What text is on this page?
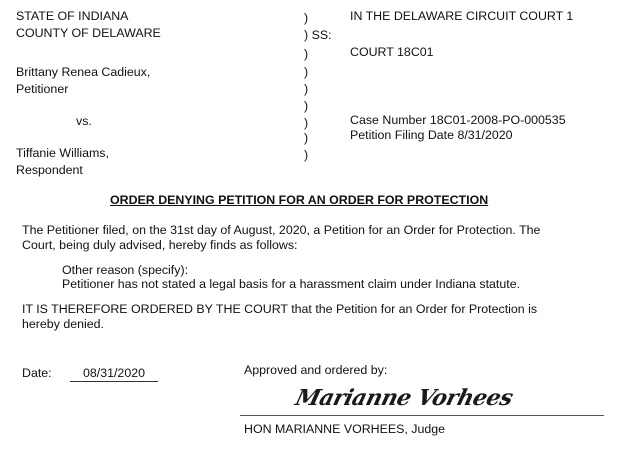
STATE OF INDIANA
COUNTY OF DELAWARE
Brittany Renea Cadieux,
Petitioner
vs.
Tiffanie Williams,
Respondent
)
) SS:
)
)
)
)
)
)
)
IN THE DELAWARE CIRCUIT COURT 1
COURT 18C01
Case Number 18C01-2008-PO-000535
Petition Filing Date 8/31/2020
ORDER DENYING PETITION FOR AN ORDER FOR PROTECTION
The Petitioner filed, on the 31st day of August, 2020, a Petition for an Order for Protection. The
Court, being duly advised, hereby finds as follows:
Other reason (specify):
Petitioner has not stated a legal basis for a harassment claim under Indiana statute.
IT IS THEREFORE ORDERED BY THE COURT that the Petition for an Order for Protection is
hereby denied.
Date:	08/31/2020	Approved and ordered by:
Marianne Vorhees
HON MARIANNE VORHEES, Judge
